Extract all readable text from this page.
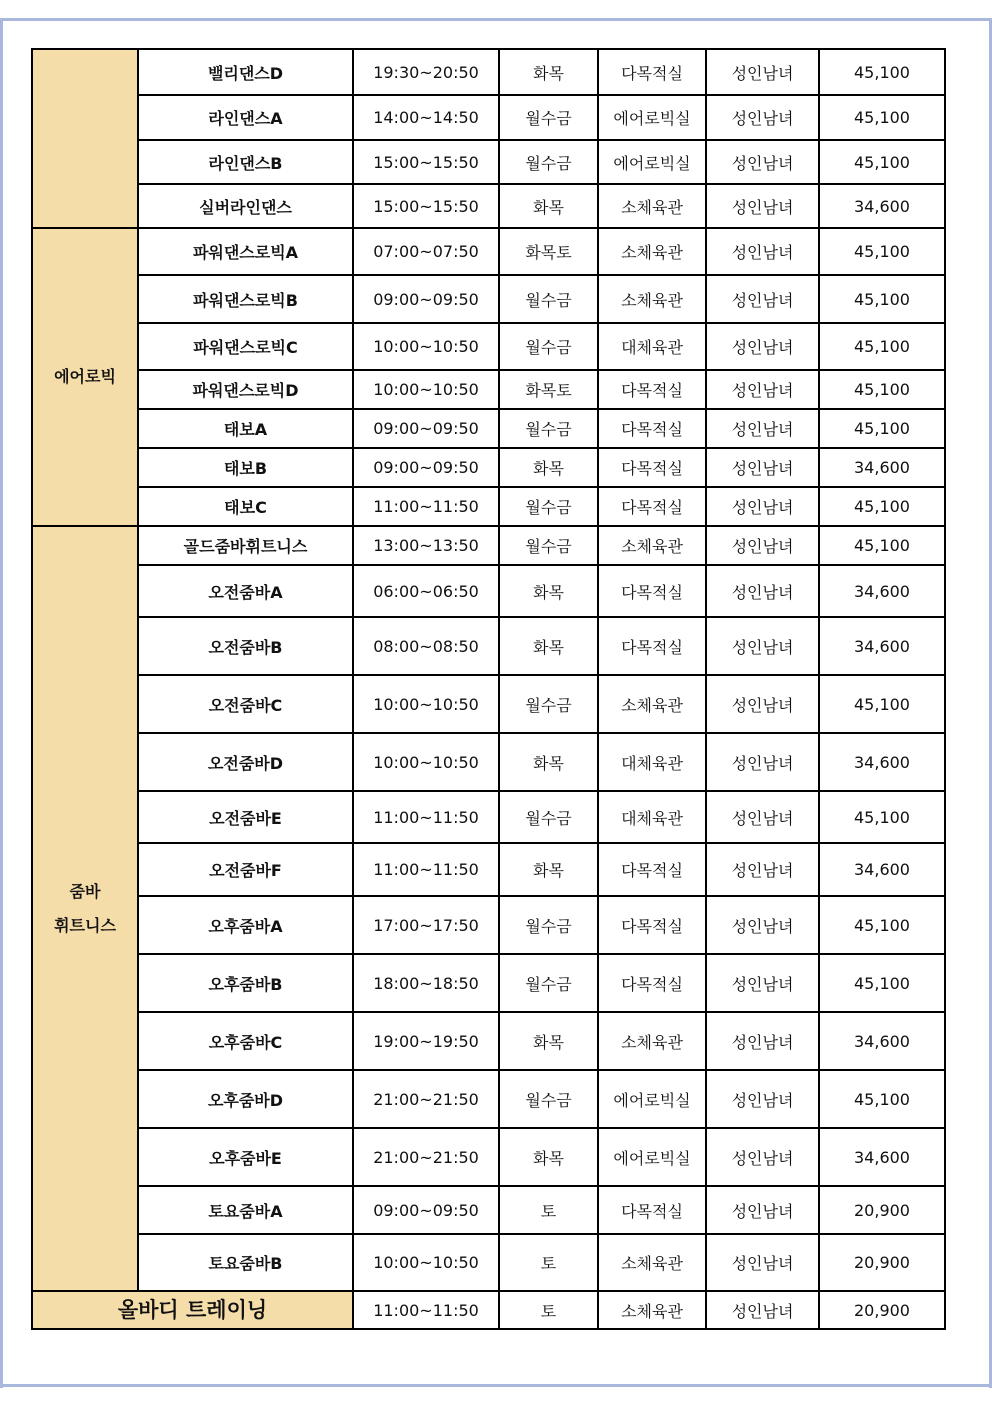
	밸리댄스D	19:30~20:50	화목	다목적실	성인남녀	45,100
	라인댄스A	14:00~14:50	월수금	에어로빅실	성인남녀	45,100
	라인댄스B	15:00~15:50	월수금	에어로빅실	성인남녀	45,100
	실버라인댄스	15:00~15:50	화목	소체육관	성인남녀	34,600
에어로빅	파워댄스로빅A	07:00~07:50	화목토	소체육관	성인남녀	45,100
	파워댄스로빅B	09:00~09:50	월수금	소체육관	성인남녀	45,100
	파워댄스로빅C	10:00~10:50	월수금	대체육관	성인남녀	45,100
	파워댄스로빅D	10:00~10:50	화목토	다목적실	성인남녀	45,100
	태보A	09:00~09:50	월수금	다목적실	성인남녀	45,100
	태보B	09:00~09:50	화목	다목적실	성인남녀	34,600
	태보C	11:00~11:50	월수금	다목적실	성인남녀	45,100

줌바
휘트니스	골드줌바휘트니스	13:00~13:50	월수금	소체육관	성인남녀	45,100
	오전줌바A	06:00~06:50	화목	다목적실	성인남녀	34,600
	오전줌바B	08:00~08:50	화목	다목적실	성인남녀	34,600
	오전줌바C	10:00~10:50	월수금	소체육관	성인남녀	45,100
	오전줌바D	10:00~10:50	화목	대체육관	성인남녀	34,600
	오전줌바E	11:00~11:50	월수금	대체육관	성인남녀	45,100
	오전줌바F	11:00~11:50	화목	다목적실	성인남녀	34,600
	오후줌바A	17:00~17:50	월수금	다목적실	성인남녀	45,100
	오후줌바B	18:00~18:50	월수금	다목적실	성인남녀	45,100
	오후줌바C	19:00~19:50	화목	소체육관	성인남녀	34,600
	오후줌바D	21:00~21:50	월수금	에어로빅실	성인남녀	45,100
	오후줌바E	21:00~21:50	화목	에어로빅실	성인남녀	34,600
	토요줌바A	09:00~09:50	토	다목적실	성인남녀	20,900
	토요줌바B	10:00~10:50	토	소체육관	성인남녀	20,900
올바디 트레이닝		11:00~11:50	토	소체육관	성인남녀	20,900
